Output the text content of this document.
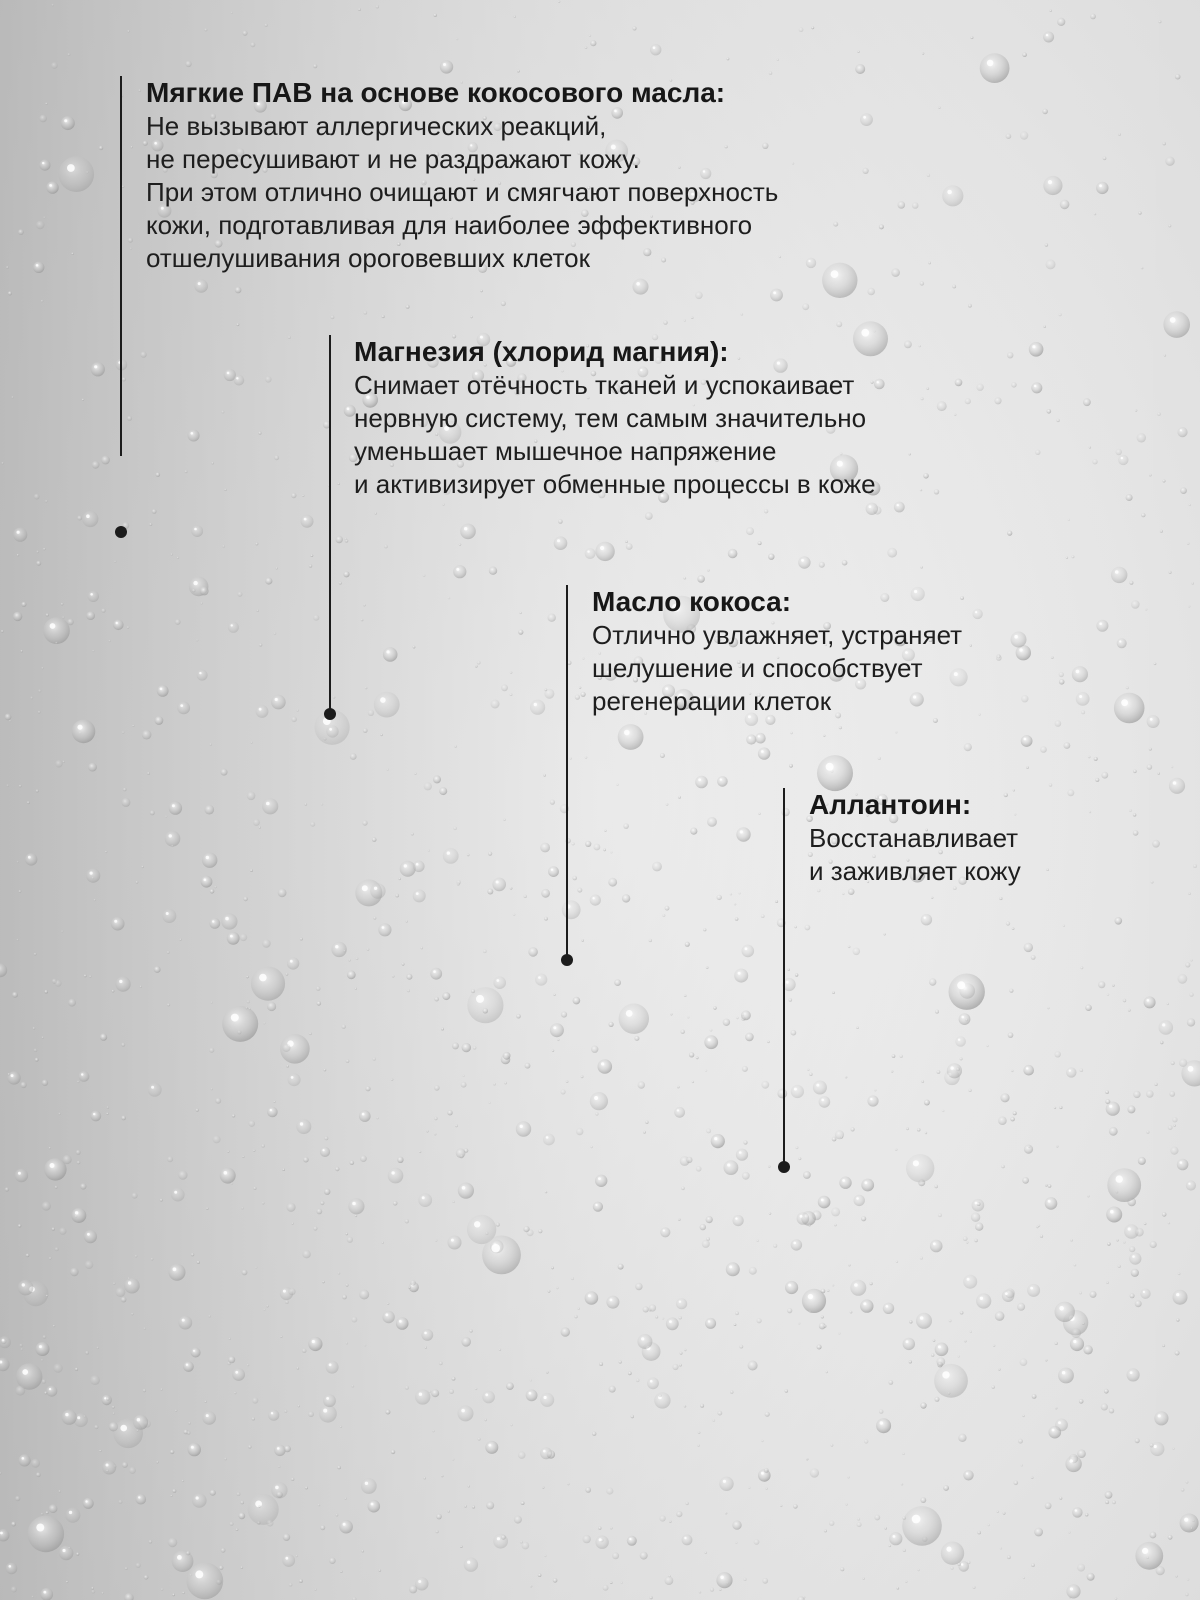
Мягкие ПАВ на основе кокосового масла:

Не вызывают аллергических реакций,
не пересушивают и не раздражают кожу.
При этом отлично очищают и смягчают поверхность
кожи, подготавливая для наиболее эффективного
отшелушивания ороговевших клеток

Магнезия (хлорид магния):

Снимает отёчность тканей и успокаивает
нервную систему, тем самым значительно
уменьшает мышечное напряжение
и активизирует обменные процессы в коже

Масло кокоса:

Отлично увлажняет, устраняет
шелушение и способствует
регенерации клеток

Аллантоин:

Восстанавливает
и заживляет кожу
